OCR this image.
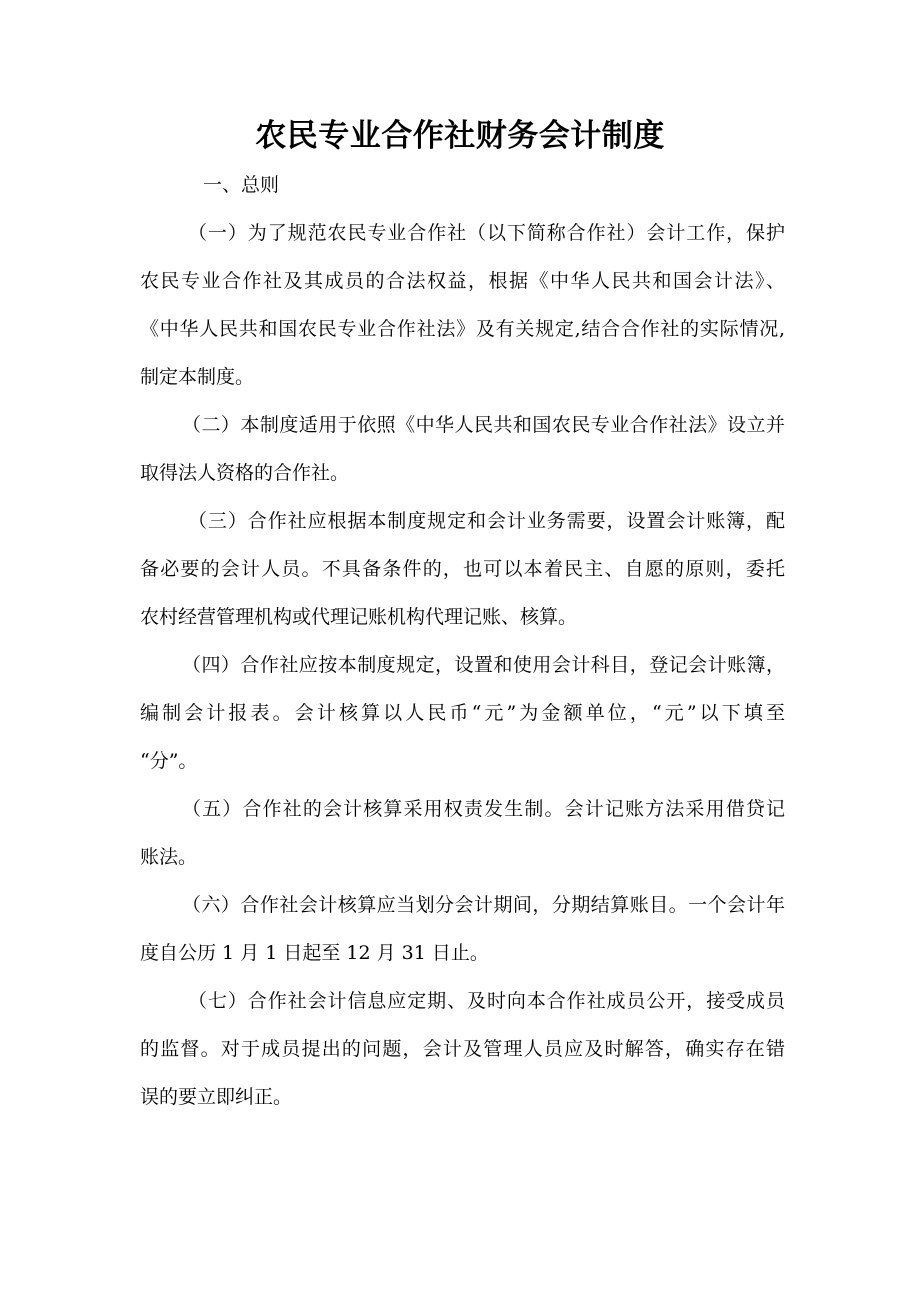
农民专业合作社财务会计制度
一、总则
（一）为了规范农民专业合作社（以下简称合作社）会计工作，保护
农民专业合作社及其成员的合法权益，根据《中华人民共和国会计法》、
《中华人民共和国农民专业合作社法》及有关规定,结合合作社的实际情况,
制定本制度。
（二）本制度适用于依照《中华人民共和国农民专业合作社法》设立并
取得法人资格的合作社。
（三）合作社应根据本制度规定和会计业务需要，设置会计账簿，配
备必要的会计人员。不具备条件的，也可以本着民主、自愿的原则，委托
农村经营管理机构或代理记账机构代理记账、核算。
（四）合作社应按本制度规定，设置和使用会计科目，登记会计账簿，
编制会计报表。会计核算以人民币“元”为金额单位，“元”以下填至
“分”。
（五）合作社的会计核算采用权责发生制。会计记账方法采用借贷记
账法。
（六）合作社会计核算应当划分会计期间，分期结算账目。一个会计年
度自公历 1 月 1 日起至 12 月 31 日止。
（七）合作社会计信息应定期、及时向本合作社成员公开，接受成员
的监督。对于成员提出的问题，会计及管理人员应及时解答，确实存在错
误的要立即纠正。
